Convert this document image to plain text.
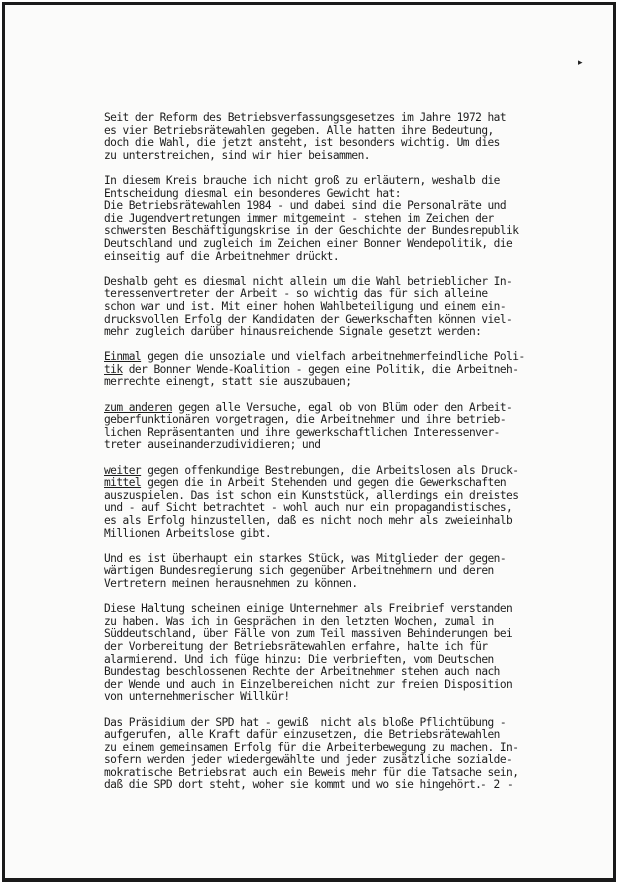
▸
Seit der Reform des Betriebsverfassungsgesetzes im Jahre 1972 hat
es vier Betriebsrätewahlen gegeben. Alle hatten ihre Bedeutung,
doch die Wahl, die jetzt ansteht, ist besonders wichtig. Um dies
zu unterstreichen, sind wir hier beisammen.
In diesem Kreis brauche ich nicht groß zu erläutern, weshalb die
Entscheidung diesmal ein besonderes Gewicht hat:
Die Betriebsrätewahlen 1984 - und dabei sind die Personalräte und
die Jugendvertretungen immer mitgemeint - stehen im Zeichen der
schwersten Beschäftigungskrise in der Geschichte der Bundesrepublik
Deutschland und zugleich im Zeichen einer Bonner Wendepolitik, die
einseitig auf die Arbeitnehmer drückt.
Deshalb geht es diesmal nicht allein um die Wahl betrieblicher In-
teressenvertreter der Arbeit - so wichtig das für sich alleine
schon war und ist. Mit einer hohen Wahlbeteiligung und einem ein-
drucksvollen Erfolg der Kandidaten der Gewerkschaften können viel-
mehr zugleich darüber hinausreichende Signale gesetzt werden:
Einmal gegen die unsoziale und vielfach arbeitnehmerfeindliche Poli-
tik der Bonner Wende-Koalition - gegen eine Politik, die Arbeitneh-
merrechte einengt, statt sie auszubauen;
zum anderen gegen alle Versuche, egal ob von Blüm oder den Arbeit-
geberfunktionären vorgetragen, die Arbeitnehmer und ihre betrieb-
lichen Repräsentanten und ihre gewerkschaftlichen Interessenver-
treter auseinanderzudividieren; und
weiter gegen offenkundige Bestrebungen, die Arbeitslosen als Druck-
mittel gegen die in Arbeit Stehenden und gegen die Gewerkschaften
auszuspielen. Das ist schon ein Kunststück, allerdings ein dreistes
und - auf Sicht betrachtet - wohl auch nur ein propagandistisches,
es als Erfolg hinzustellen, daß es nicht noch mehr als zweieinhalb
Millionen Arbeitslose gibt.
Und es ist überhaupt ein starkes Stück, was Mitglieder der gegen-
wärtigen Bundesregierung sich gegenüber Arbeitnehmern und deren
Vertretern meinen herausnehmen zu können.
Diese Haltung scheinen einige Unternehmer als Freibrief verstanden
zu haben. Was ich in Gesprächen in den letzten Wochen, zumal in
Süddeutschland, über Fälle von zum Teil massiven Behinderungen bei
der Vorbereitung der Betriebsrätewahlen erfahre, halte ich für
alarmierend. Und ich füge hinzu: Die verbrieften, vom Deutschen
Bundestag beschlossenen Rechte der Arbeitnehmer stehen auch nach
der Wende und auch in Einzelbereichen nicht zur freien Disposition
von unternehmerischer Willkür!
Das Präsidium der SPD hat - gewiß  nicht als bloße Pflichtübung -
aufgerufen, alle Kraft dafür einzusetzen, die Betriebsrätewahlen
zu einem gemeinsamen Erfolg für die Arbeiterbewegung zu machen. In-
sofern werden jeder wiedergewählte und jeder zusätzliche sozialde-
mokratische Betriebsrat auch ein Beweis mehr für die Tatsache sein,
daß die SPD dort steht, woher sie kommt und wo sie hingehört.
- 2 -
